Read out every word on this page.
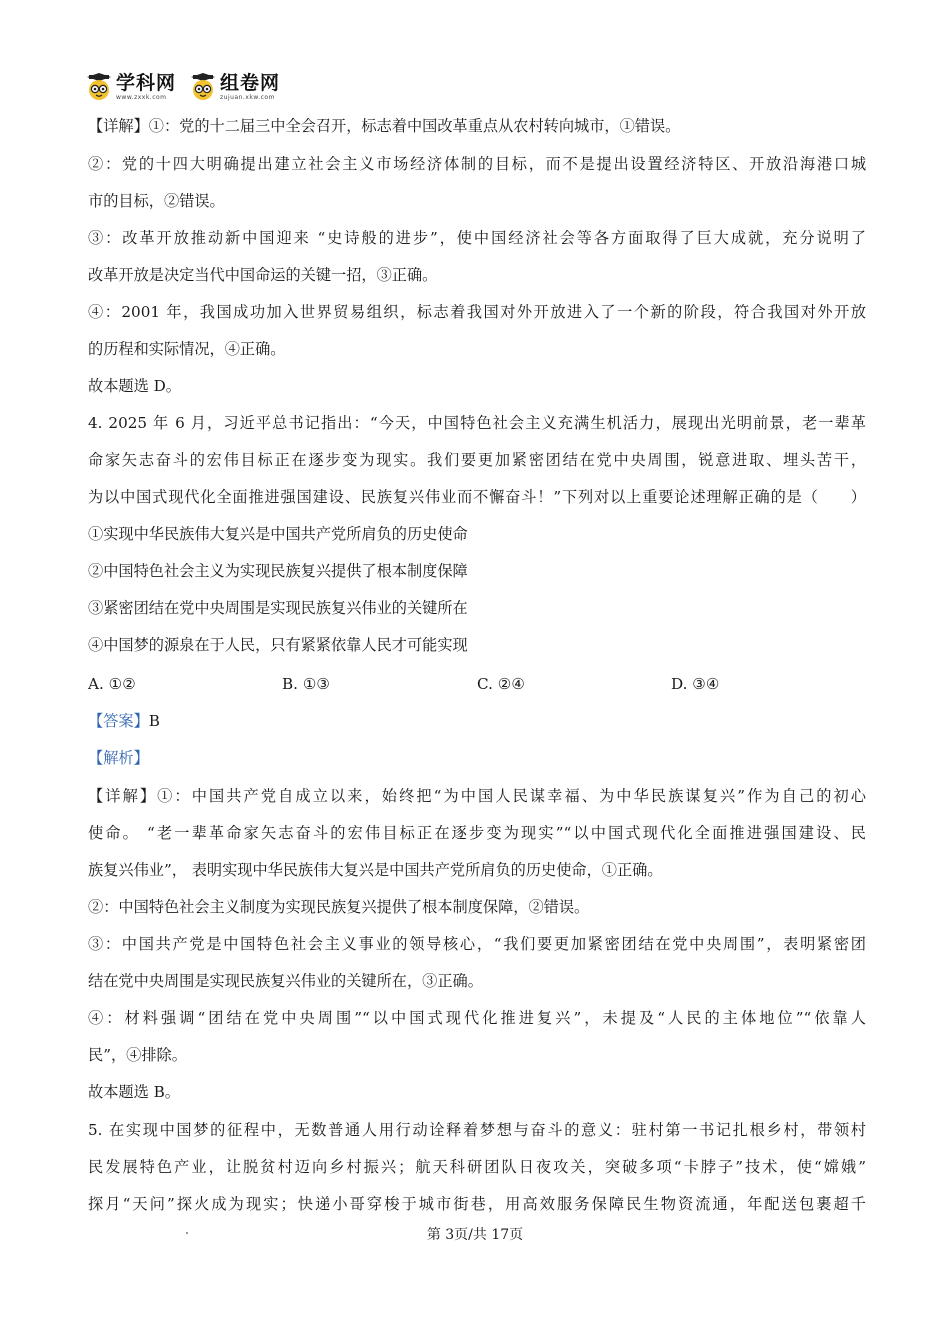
学科网
www.zxxk.com
组卷网
zujuan.xkw.com
【详解】①：党的十二届三中全会召开，标志着中国改革重点从农村转向城市，①错误。
②：党的十四大明确提出建立社会主义市场经济体制的目标，而不是提出设置经济特区、开放沿海港口城
市的目标，②错误。
③：改革开放推动新中国迎来 “史诗般的进步”，使中国经济社会等各方面取得了巨大成就，充分说明了
改革开放是决定当代中国命运的关键一招，③正确。
④：2001 年，我国成功加入世界贸易组织，标志着我国对外开放进入了一个新的阶段，符合我国对外开放
的历程和实际情况，④正确。
故本题选 D。
4. 2025 年 6 月，习近平总书记指出：“今天，中国特色社会主义充满生机活力，展现出光明前景，老一辈革
命家矢志奋斗的宏伟目标正在逐步变为现实。我们要更加紧密团结在党中央周围，锐意进取、埋头苦干，
为以中国式现代化全面推进强国建设、民族复兴伟业而不懈奋斗！”下列对以上重要论述理解正确的是（　　）
①实现中华民族伟大复兴是中国共产党所肩负的历史使命
②中国特色社会主义为实现民族复兴提供了根本制度保障
③紧密团结在党中央周围是实现民族复兴伟业的关键所在
④中国梦的源泉在于人民，只有紧紧依靠人民才可能实现
A. ①②	B. ①③	C. ②④	D. ③④
【答案】B
【解析】
【详解】①：中国共产党自成立以来，始终把“为中国人民谋幸福、为中华民族谋复兴”作为自己的初心
使命。 “老一辈革命家矢志奋斗的宏伟目标正在逐步变为现实”“以中国式现代化全面推进强国建设、民
族复兴伟业”， 表明实现中华民族伟大复兴是中国共产党所肩负的历史使命，①正确。
②：中国特色社会主义制度为实现民族复兴提供了根本制度保障，②错误。
③：中国共产党是中国特色社会主义事业的领导核心，“我们要更加紧密团结在党中央周围”，表明紧密团
结在党中央周围是实现民族复兴伟业的关键所在，③正确。
④：材料强调“团结在党中央周围”“以中国式现代化推进复兴”，未提及“人民的主体地位”“依靠人
民”，④排除。
故本题选 B。
5. 在实现中国梦的征程中，无数普通人用行动诠释着梦想与奋斗的意义：驻村第一书记扎根乡村，带领村
民发展特色产业，让脱贫村迈向乡村振兴；航天科研团队日夜攻关，突破多项“卡脖子”技术，使“嫦娥”
探月“天问”探火成为现实；快递小哥穿梭于城市街巷，用高效服务保障民生物资流通，年配送包裹超千
第 3页/共 17页
